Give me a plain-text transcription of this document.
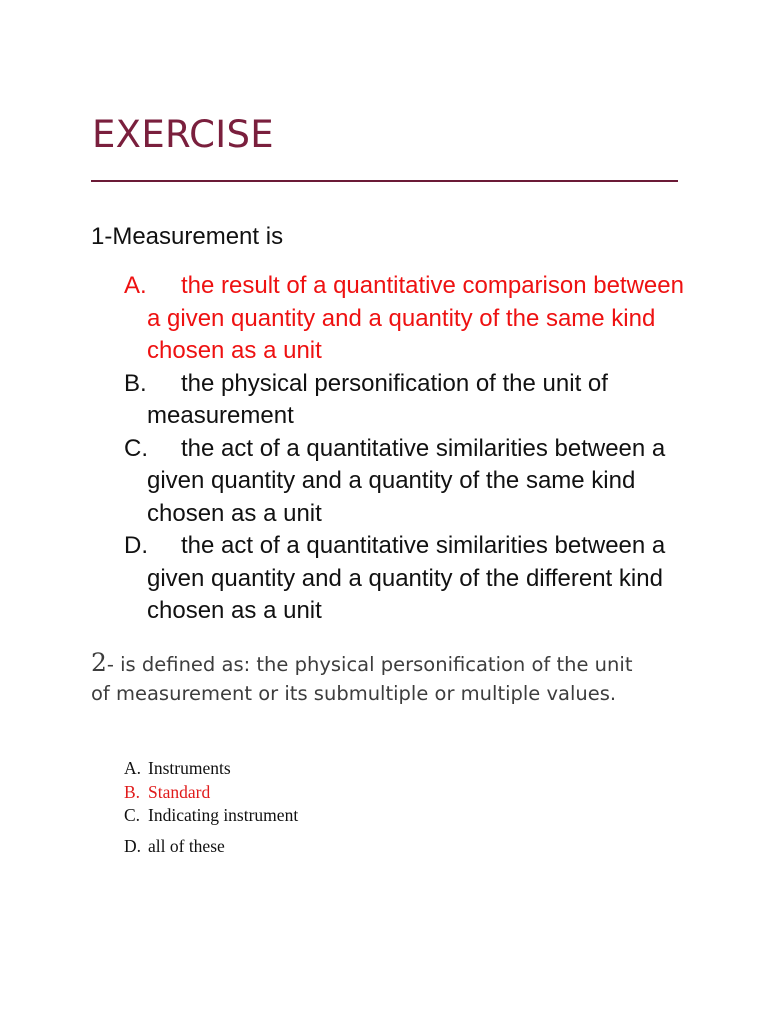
EXERCISE
1-Measurement is
A. the result of a quantitative comparison between a given quantity and a quantity of the same kind chosen as a unit
B. the physical personification of the unit of measurement
C. the act of a quantitative similarities between a given quantity and a quantity of the same kind chosen as a unit
D. the act of a quantitative similarities between a given quantity and a quantity of the different kind chosen as a unit

2- is defined as: the physical personification of the unit of measurement or its submultiple or multiple values.

A. Instruments
B. Standard
C. Indicating instrument
D. all of these
